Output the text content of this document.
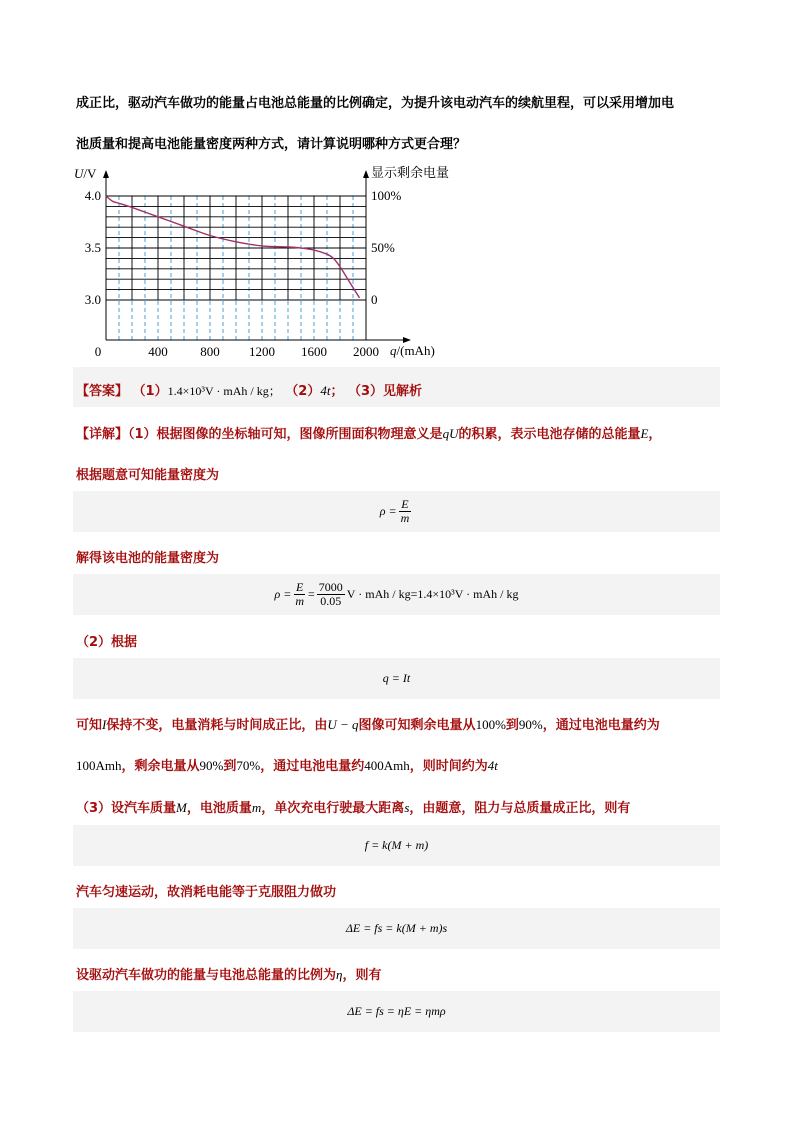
成正比，驱动汽车做功的能量占电池总能量的比例确定，为提升该电动汽车的续航里程，可以采用增加电
池质量和提高电池能量密度两种方式，请计算说明哪种方式更合理？
3.0
3.5
4.0
0
50%
100%
0	400	800 1200 1600 2000
U/V	显示剩余电量
q/(mAh)
【答案】 （1）1.4×10³V · mAh / kg； （2）4t； （3）见解析
【详解】（1）根据图像的坐标轴可知，图像所围面积物理意义是qU的积累，表示电池存储的总能量E，
根据题意可知能量密度为
$\rho = \frac{E}{m}$
解得该电池的能量密度为
$\rho = \frac{E}{m} = \frac{7000}{0.05}$ V · mAh / kg=1.4×10³V · mAh / kg
（2）根据
q = It
可知I保持不变，电量消耗与时间成正比，由U − q图像可知剩余电量从100%到90%，通过电池电量约为
100Amh，剩余电量从90%到70%，通过电池电量约400Amh，则时间约为4t
（3）设汽车质量M，电池质量m，单次充电行驶最大距离s，由题意，阻力与总质量成正比，则有
f = k(M + m)
汽车匀速运动，故消耗电能等于克服阻力做功
ΔE = fs = k(M + m)s
设驱动汽车做功的能量与电池总能量的比例为η，则有
ΔE = fs = ηE = ηmρ
